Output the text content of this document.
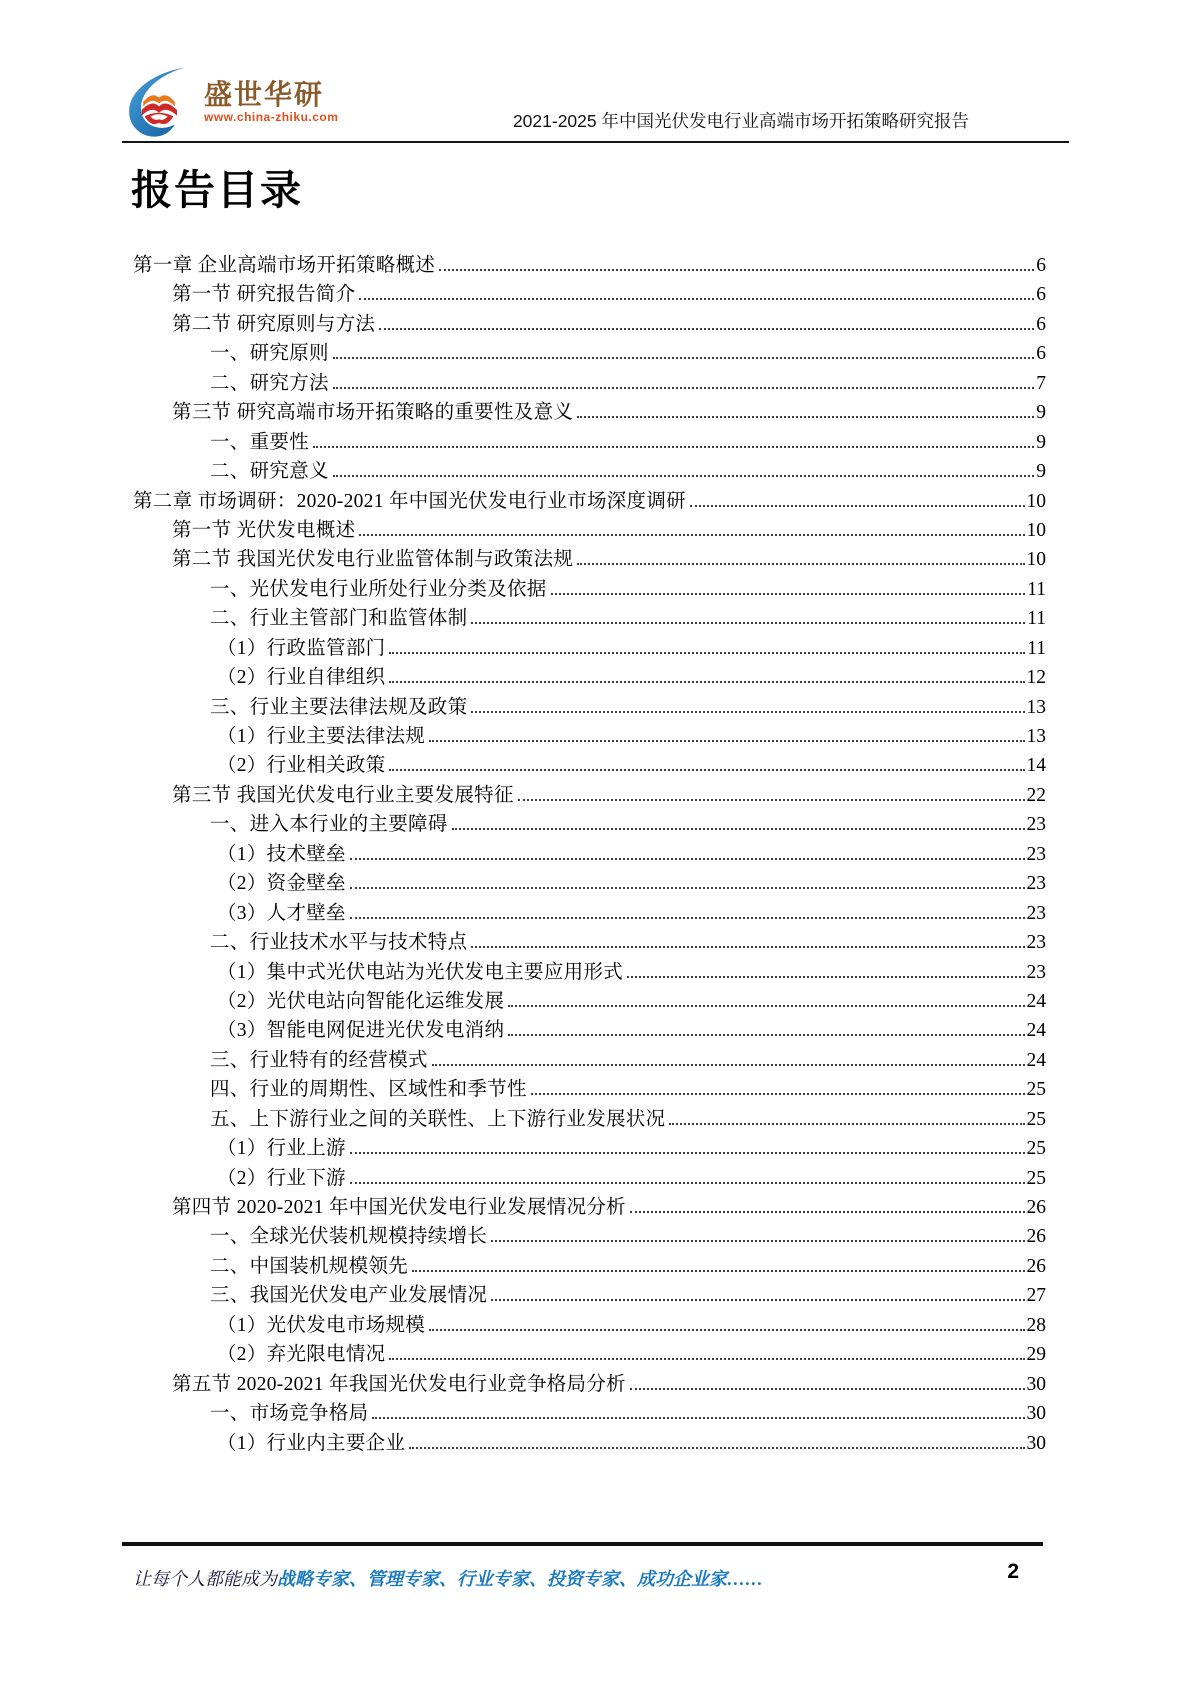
盛世华研
www.china-zhiku.com	2021-2025 年中国光伏发电行业高端市场开拓策略研究报告
报告目录
第一章 企业高端市场开拓策略概述	6
第一节 研究报告简介	6
第二节 研究原则与方法	6
一、研究原则	6
二、研究方法	7
第三节 研究高端市场开拓策略的重要性及意义	9
一、重要性	9
二、研究意义	9
第二章 市场调研：2020-2021 年中国光伏发电行业市场深度调研	10
第一节 光伏发电概述	10
第二节 我国光伏发电行业监管体制与政策法规	10
一、光伏发电行业所处行业分类及依据	11
二、行业主管部门和监管体制	11
（1）行政监管部门	11
（2）行业自律组织	12
三、行业主要法律法规及政策	13
（1）行业主要法律法规	13
（2）行业相关政策	14
第三节 我国光伏发电行业主要发展特征	22
一、进入本行业的主要障碍	23
（1）技术壁垒	23
（2）资金壁垒	23
（3）人才壁垒	23
二、行业技术水平与技术特点	23
（1）集中式光伏电站为光伏发电主要应用形式	23
（2）光伏电站向智能化运维发展	24
（3）智能电网促进光伏发电消纳	24
三、行业特有的经营模式	24
四、行业的周期性、区域性和季节性	25
五、上下游行业之间的关联性、上下游行业发展状况	25
（1）行业上游	25
（2）行业下游	25
第四节 2020-2021 年中国光伏发电行业发展情况分析	26
一、全球光伏装机规模持续增长	26
二、中国装机规模领先	26
三、我国光伏发电产业发展情况	27
（1）光伏发电市场规模	28
（2）弃光限电情况	29
第五节 2020-2021 年我国光伏发电行业竞争格局分析	30
一、市场竞争格局	30
（1）行业内主要企业	30
让每个人都能成为战略专家、管理专家、行业专家、投资专家、成功企业家……	2
